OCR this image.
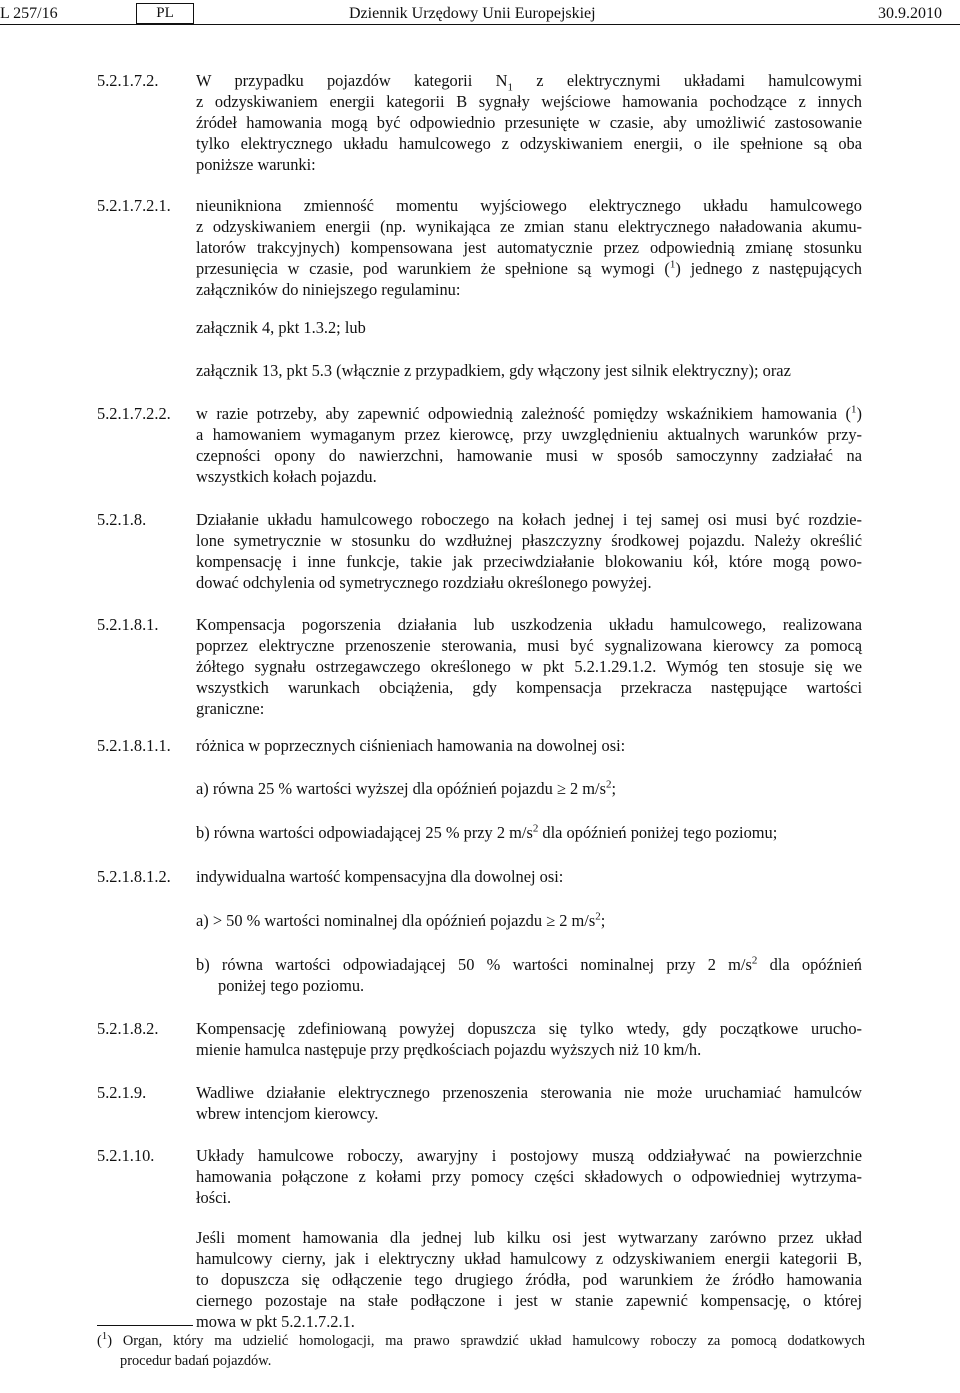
L 257/16	PL	Dziennik Urzędowy Unii Europejskiej	30.9.2010
5.2.1.7.2. W przypadku pojazdów kategorii $N_1$ z elektrycznymi układami hamulcowymi
z odzyskiwaniem energii kategorii B sygnały wejściowe hamowania pochodzące z innych
źródeł hamowania mogą być odpowiednio przesunięte w czasie, aby umożliwić zastosowanie
tylko elektrycznego układu hamulcowego z odzyskiwaniem energii, o ile spełnione są oba
poniższe warunki:
5.2.1.7.2.1. nieunikniona zmienność momentu wyjściowego elektrycznego układu hamulcowego
z odzyskiwaniem energii (np. wynikająca ze zmian stanu elektrycznego naładowania akumu-
latorów trakcyjnych) kompensowana jest automatycznie przez odpowiednią zmianę stosunku
przesunięcia w czasie, pod warunkiem że spełnione są wymogi ($^1$) jednego z następujących
załączników do niniejszego regulaminu:
załącznik 4, pkt 1.3.2; lub
załącznik 13, pkt 5.3 (włącznie z przypadkiem, gdy włączony jest silnik elektryczny); oraz
5.2.1.7.2.2. w razie potrzeby, aby zapewnić odpowiednią zależność pomiędzy wskaźnikiem hamowania ($^1$)
a hamowaniem wymaganym przez kierowcę, przy uwzględnieniu aktualnych warunków przy-
czepności opony do nawierzchni, hamowanie musi w sposób samoczynny zadziałać na
wszystkich kołach pojazdu.
5.2.1.8.	Działanie układu hamulcowego roboczego na kołach jednej i tej samej osi musi być rozdzie-
lone symetrycznie w stosunku do wzdłużnej płaszczyzny środkowej pojazdu. Należy określić
kompensację i inne funkcje, takie jak przeciwdziałanie blokowaniu kół, które mogą powo-
dować odchylenia od symetrycznego rozdziału określonego powyżej.
5.2.1.8.1. Kompensacja pogorszenia działania lub uszkodzenia układu hamulcowego, realizowana
poprzez elektryczne przenoszenie sterowania, musi być sygnalizowana kierowcy za pomocą
żółtego sygnału ostrzegawczego określonego w pkt 5.2.1.29.1.2. Wymóg ten stosuje się we
wszystkich warunkach obciążenia, gdy kompensacja przekracza następujące wartości
graniczne:
5.2.1.8.1.1. różnica w poprzecznych ciśnieniach hamowania na dowolnej osi:
a) równa 25 % wartości wyższej dla opóźnień pojazdu ≥ 2 $m/s^2$;
b) równa wartości odpowiadającej 25 % przy 2 $m/s^2$ dla opóźnień poniżej tego poziomu;
5.2.1.8.1.2. indywidualna wartość kompensacyjna dla dowolnej osi:
a) > 50 % wartości nominalnej dla opóźnień pojazdu ≥ 2 $m/s^2$;
b) równa wartości odpowiadającej 50 % wartości nominalnej przy 2 $m/s^2$ dla opóźnień
poniżej tego poziomu.
5.2.1.8.2. Kompensację zdefiniowaną powyżej dopuszcza się tylko wtedy, gdy początkowe urucho-
mienie hamulca następuje przy prędkościach pojazdu wyższych niż 10 km/h.
5.2.1.9.	Wadliwe działanie elektrycznego przenoszenia sterowania nie może uruchamiać hamulców
wbrew intencjom kierowcy.
5.2.1.10.	Układy hamulcowe roboczy, awaryjny i postojowy muszą oddziaływać na powierzchnie
hamowania połączone z kołami przy pomocy części składowych o odpowiedniej wytrzyma-
łości.
Jeśli moment hamowania dla jednej lub kilku osi jest wytwarzany zarówno przez układ
hamulcowy cierny, jak i elektryczny układ hamulcowy z odzyskiwaniem energii kategorii B,
to dopuszcza się odłączenie tego drugiego źródła, pod warunkiem że źródło hamowania
ciernego pozostaje na stałe podłączone i jest w stanie zapewnić kompensację, o której
mowa w pkt 5.2.1.7.2.1.
($^1$) Organ, który ma udzielić homologacji, ma prawo sprawdzić układ hamulcowy roboczy za pomocą dodatkowych
procedur badań pojazdów.
